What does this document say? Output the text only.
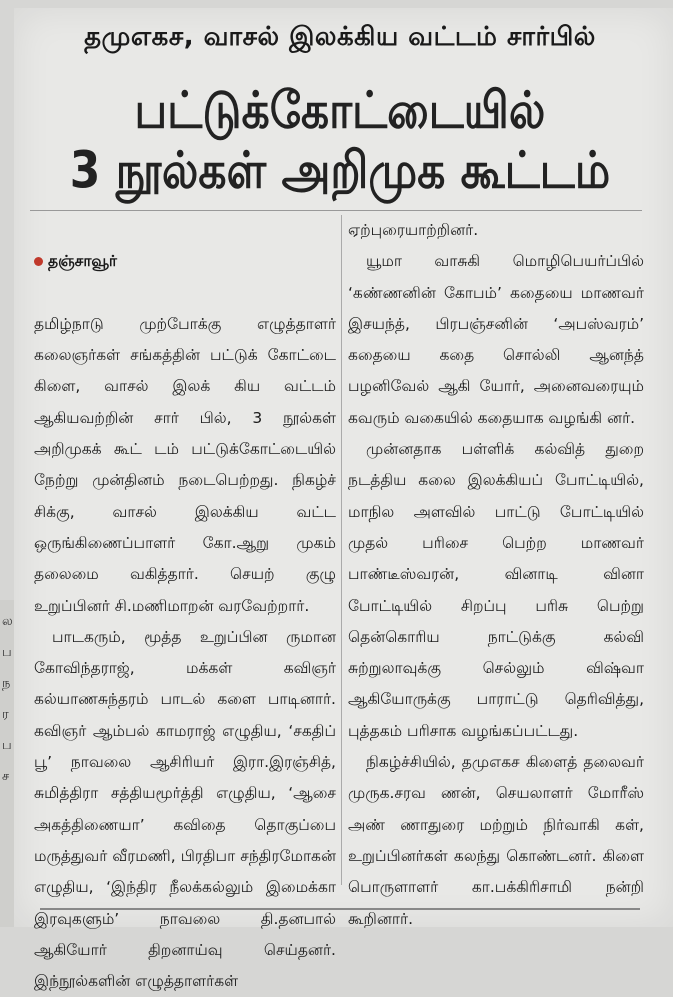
ல
ப
ந
ர
ப
ச
தமுஎகச, வாசல் இலக்கிய வட்டம் சார்பில்
பட்டுக்கோட்டையில்
3 நூல்கள் அறிமுக கூட்டம்

தஞ்சாவூர்

தமிழ்நாடு முற்போக்கு எழுத்தாளர் கலைஞர்கள் சங்கத்தின் பட்டுக் கோட்டை கிளை, வாசல் இலக் கிய வட்டம் ஆகியவற்றின் சார் பில், 3 நூல்கள் அறிமுகக் கூட் டம் பட்டுக்கோட்டையில் நேற்று முன்தினம் நடைபெற்றது. நிகழ்ச் சிக்கு, வாசல் இலக்கிய வட்ட ஒருங்கிணைப்பாளர் கோ.ஆறு முகம் தலைமை வகித்தார். செயற் குழு உறுப்பினர் சி.மணிமாறன் வரவேற்றார்.

பாடகரும், மூத்த உறுப்பின ருமான கோவிந்தராஜ், மக்கள் கவிஞர் கல்யாணசுந்தரம் பாடல் களை பாடினார். கவிஞர் ஆம்பல் காமராஜ் எழுதிய, ‘சகதிப் பூ’ நாவலை ஆசிரியர் இரா.இரஞ்சித், சுமித்திரா சத்தியமூர்த்தி எழுதிய, ‘ஆசை அகத்திணையா’ கவிதை தொகுப்பை மருத்துவர் வீரமணி, பிரதிபா சந்திரமோகன் எழுதிய, ‘இந்திர நீலக்கல்லும் இமைக்கா இரவுகளும்’ நாவலை தி.தனபால் ஆகியோர் திறனாய்வு செய்தனர். இந்நூல்களின் எழுத்தாளர்கள்

ஏற்புரையாற்றினர்.

யூமா வாசுகி மொழிபெயர்ப்பில் ‘கண்ணனின் கோபம்’ கதையை மாணவர் இசயந்த், பிரபஞ்சனின் ‘அபஸ்வரம்’ கதையை கதை சொல்லி ஆனந்த் பழனிவேல் ஆகி யோர், அனைவரையும் கவரும் வகையில் கதையாக வழங்கி னர்.

முன்னதாக பள்ளிக் கல்வித் துறை நடத்திய கலை இலக்கியப் போட்டியில், மாநில அளவில் பாட்டு போட்டியில் முதல் பரிசை பெற்ற மாணவர் பாண்டீஸ்வரன், வினாடி வினா போட்டியில் சிறப்பு பரிசு பெற்று தென்கொரிய நாட்டுக்கு கல்வி சுற்றுலாவுக்கு செல்லும் விஷ்வா ஆகியோருக்கு பாராட்டு தெரிவித்து, புத்தகம் பரிசாக வழங்கப்பட்டது.

நிகழ்ச்சியில், தமுஎகச கிளைத் தலைவர் முருக.சரவ ணன், செயலாளர் மோரீஸ் அண் ணாதுரை மற்றும் நிர்வாகி கள், உறுப்பினர்கள் கலந்து கொண்டனர். கிளை பொருளாளர் கா.பக்கிரிசாமி நன்றி கூறினார்.
